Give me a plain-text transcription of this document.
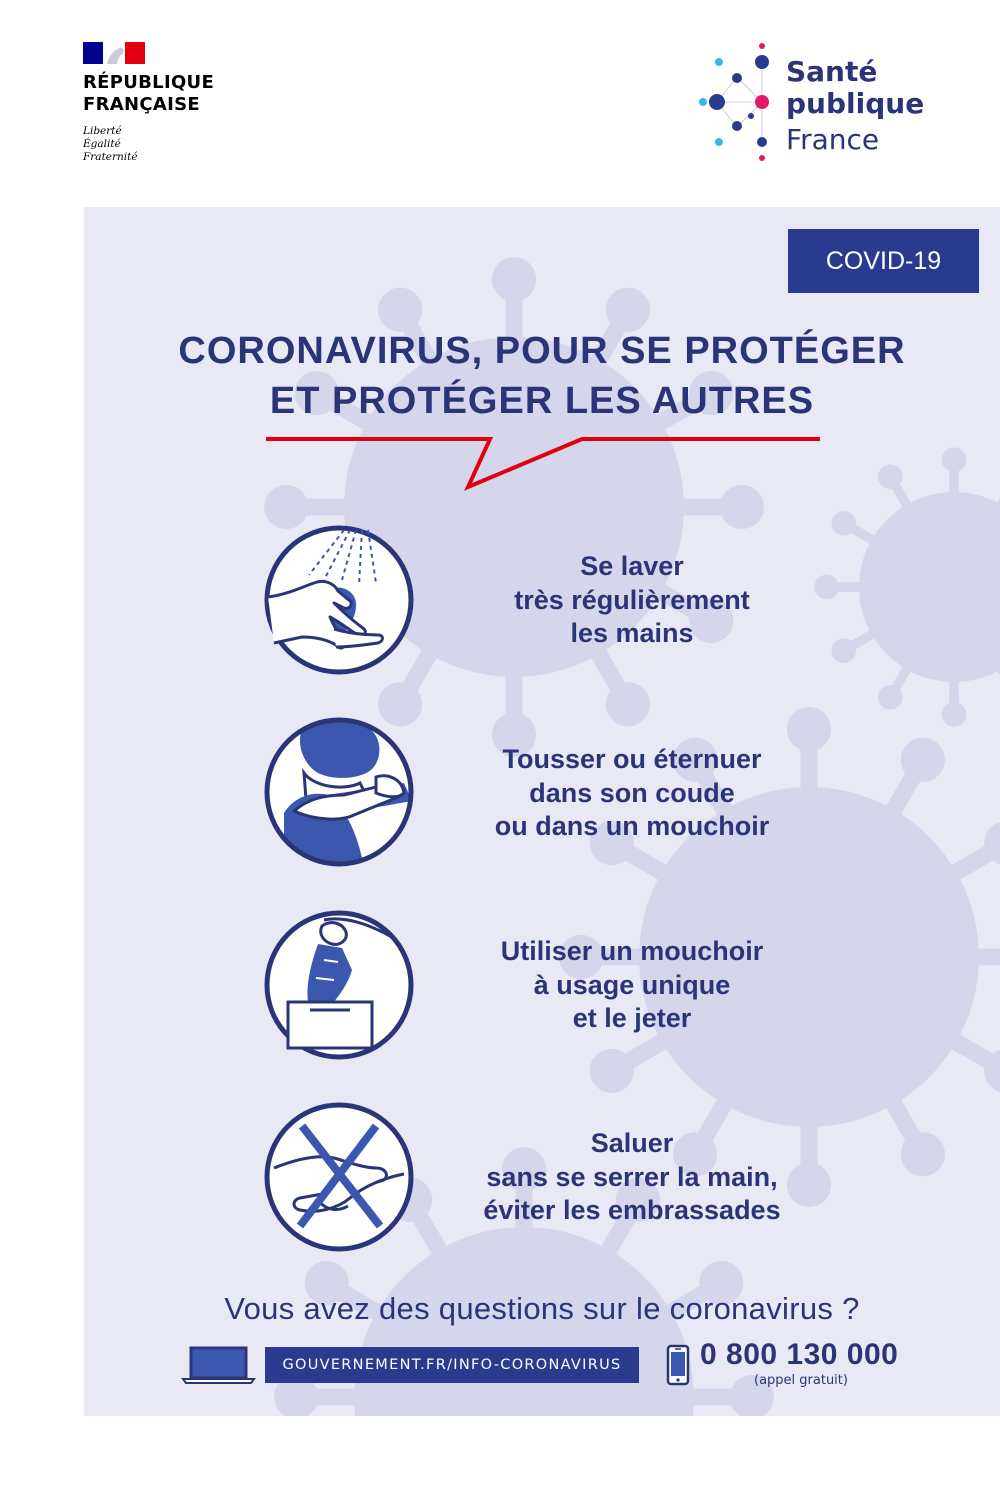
RÉPUBLIQUE
FRANÇAISE
Liberté
Égalité
Fraternité
Santé
publique
France
COVID-19
CORONAVIRUS, POUR SE PROTÉGER
ET PROTÉGER LES AUTRES
Se laver
très régulièrement
les mains
Tousser ou éternuer
dans son coude
ou dans un mouchoir
Utiliser un mouchoir
à usage unique
et le jeter
Saluer
sans se serrer la main,
éviter les embrassades
Vous avez des questions sur le coronavirus ?
GOUVERNEMENT.FR/INFO-CORONAVIRUS	0 800 130 000
(appel gratuit)
